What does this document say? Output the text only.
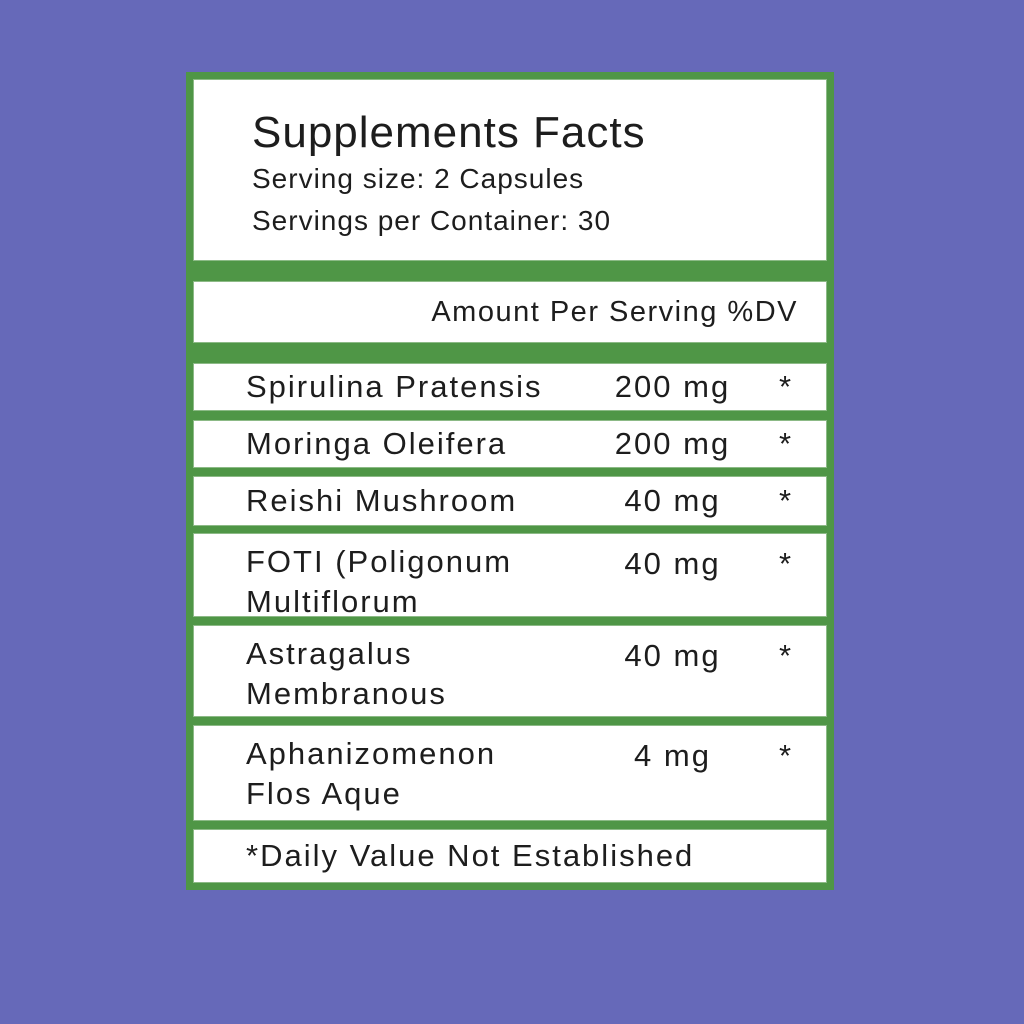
Supplements Facts
Serving size: 2 Capsules
Servings per Container: 30
Amount Per Serving %DV
Spirulina Pratensis	200 mg	*
Moringa Oleifera	200 mg	*
Reishi Mushroom	40 mg	*
FOTI (Poligonum
Multiflorum
40 mg	*
Astragalus
Membranous
40 mg	*
Aphanizomenon
Flos Aque
4 mg	*
*Daily Value Not Established
